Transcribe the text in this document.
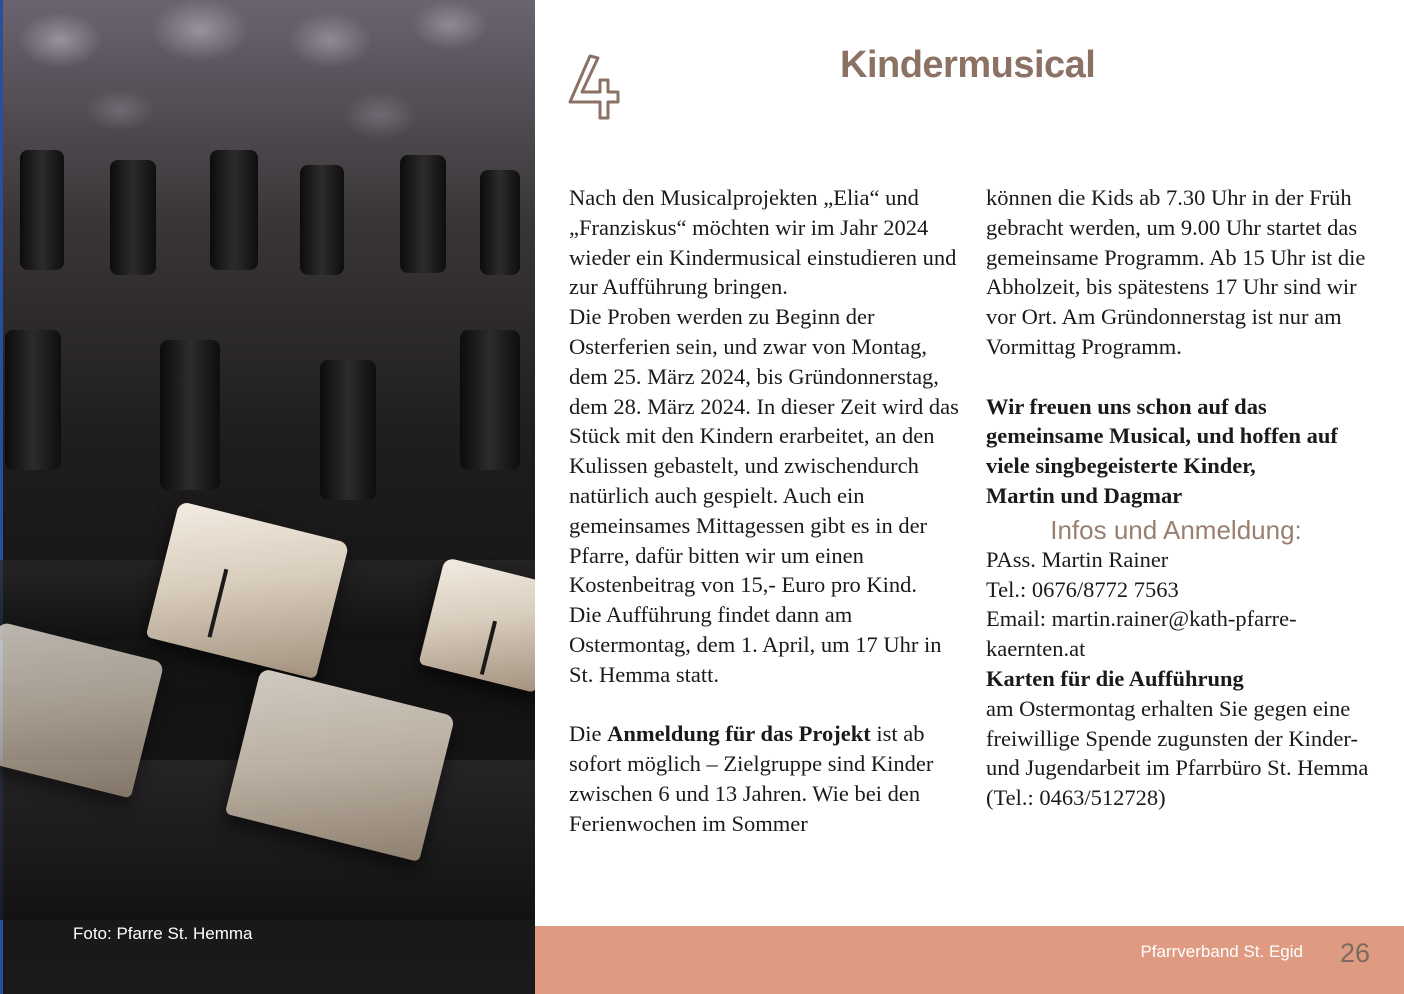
Foto: Pfarre St. Hemma
Kindermusical

Nach den Musicalprojekten „Elia“ und „Franziskus“ möchten wir im Jahr 2024 wieder ein Kindermusical einstudieren und zur Aufführung bringen.

Die Proben werden zu Beginn der Osterferien sein, und zwar von Montag, dem 25. März 2024, bis Gründonnerstag, dem 28. März 2024. In dieser Zeit wird das Stück mit den Kindern erarbeitet, an den Kulissen gebastelt, und zwischendurch natürlich auch gespielt. Auch ein gemeinsames Mittagessen gibt es in der Pfarre, dafür bitten wir um einen Kostenbeitrag von 15,- Euro pro Kind.

Die Aufführung findet dann am Ostermontag, dem 1. April, um 17 Uhr in St. Hemma statt.

Die Anmeldung für das Projekt ist ab sofort möglich – Zielgruppe sind Kinder zwischen 6 und 13 Jahren. Wie bei den Ferienwochen im Sommer

können die Kids ab 7.30 Uhr in der Früh gebracht werden, um 9.00 Uhr startet das gemeinsame Programm. Ab 15 Uhr ist die Abholzeit, bis spätestens 17 Uhr sind wir vor Ort. Am Gründonnerstag ist nur am Vormittag Programm.

Wir freuen uns schon auf das gemeinsame Musical, und hoffen auf viele singbegeisterte Kinder,
Martin und Dagmar

Infos und Anmeldung:

PAss. Martin Rainer

Tel.: 0676/8772 7563

Email: martin.rainer@kath-pfarre-kaernten.at

Karten für die Aufführung

am Ostermontag erhalten Sie gegen eine freiwillige Spende zugunsten der Kinder- und Jugendarbeit im Pfarrbüro St. Hemma (Tel.: 0463/512728)

Pfarrverband St. Egid 26
